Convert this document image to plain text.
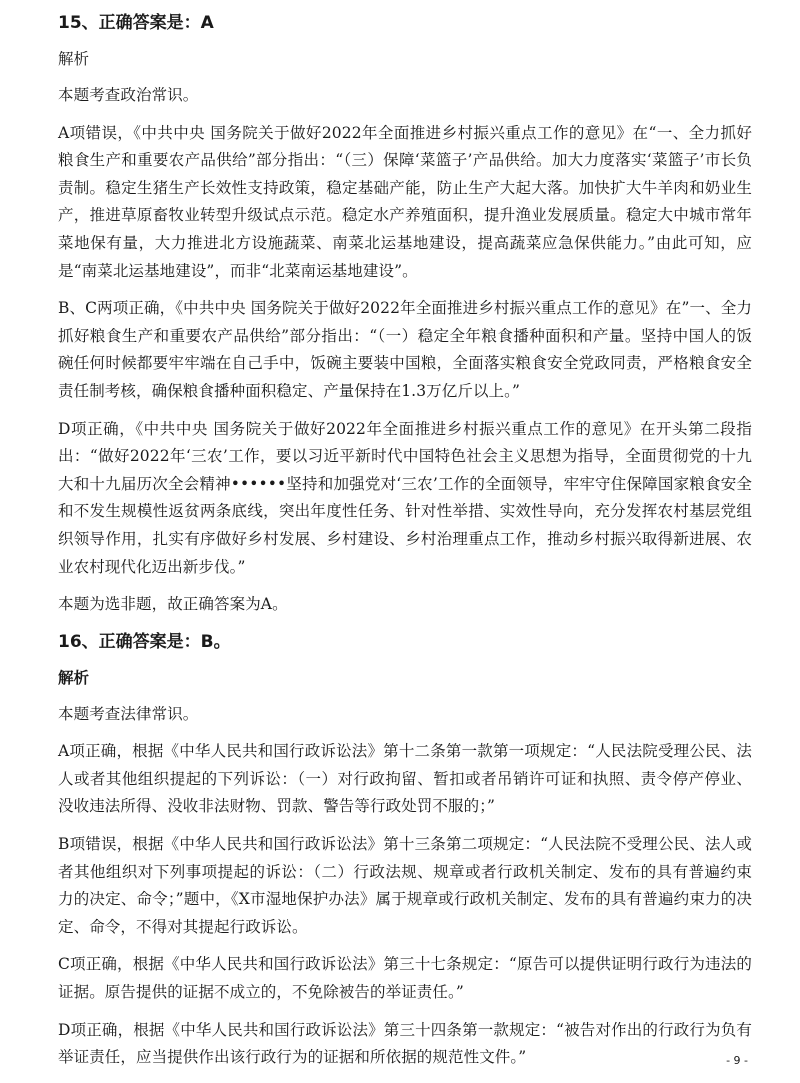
15、正确答案是：A
解析

本题考查政治常识。

A项错误，《中共中央 国务院关于做好2022年全面推进乡村振兴重点工作的意见》在“一、全力抓好粮食生产和重要农产品供给”部分指出：“（三）保障‘菜篮子’产品供给。加大力度落实‘菜篮子’市长负责制。稳定生猪生产长效性支持政策，稳定基础产能，防止生产大起大落。加快扩大牛羊肉和奶业生产，推进草原畜牧业转型升级试点示范。稳定水产养殖面积，提升渔业发展质量。稳定大中城市常年菜地保有量，大力推进北方设施蔬菜、南菜北运基地建设，提高蔬菜应急保供能力。”由此可知，应是“南菜北运基地建设”，而非“北菜南运基地建设”。

B、C两项正确，《中共中央 国务院关于做好2022年全面推进乡村振兴重点工作的意见》在”一、全力抓好粮食生产和重要农产品供给”部分指出：“（一）稳定全年粮食播种面积和产量。坚持中国人的饭碗任何时候都要牢牢端在自己手中，饭碗主要装中国粮，全面落实粮食安全党政同责，严格粮食安全责任制考核，确保粮食播种面积稳定、产量保持在1.3万亿斤以上。”

D项正确，《中共中央 国务院关于做好2022年全面推进乡村振兴重点工作的意见》在开头第二段指出：“做好2022年‘三农’工作，要以习近平新时代中国特色社会主义思想为指导，全面贯彻党的十九大和十九届历次全会精神••••••坚持和加强党对‘三农’工作的全面领导，牢牢守住保障国家粮食安全和不发生规模性返贫两条底线，突出年度性任务、针对性举措、实效性导向，充分发挥农村基层党组织领导作用，扎实有序做好乡村发展、乡村建设、乡村治理重点工作，推动乡村振兴取得新进展、农业农村现代化迈出新步伐。”

本题为选非题，故正确答案为A。

16、正确答案是：B。
解析

本题考查法律常识。

A项正确，根据《中华人民共和国行政诉讼法》第十二条第一款第一项规定：“人民法院受理公民、法人或者其他组织提起的下列诉讼：（一）对行政拘留、暂扣或者吊销许可证和执照、责令停产停业、没收违法所得、没收非法财物、罚款、警告等行政处罚不服的；”

B项错误，根据《中华人民共和国行政诉讼法》第十三条第二项规定：“人民法院不受理公民、法人或者其他组织对下列事项提起的诉讼：（二）行政法规、规章或者行政机关制定、发布的具有普遍约束力的决定、命令；”题中，《X市湿地保护办法》属于规章或行政机关制定、发布的具有普遍约束力的决定、命令，不得对其提起行政诉讼。

C项正确，根据《中华人民共和国行政诉讼法》第三十七条规定：“原告可以提供证明行政行为违法的证据。原告提供的证据不成立的，不免除被告的举证责任。”

D项正确，根据《中华人民共和国行政诉讼法》第三十四条第一款规定：“被告对作出的行政行为负有举证责任，应当提供作出该行政行为的证据和所依据的规范性文件。”	- 9 -
